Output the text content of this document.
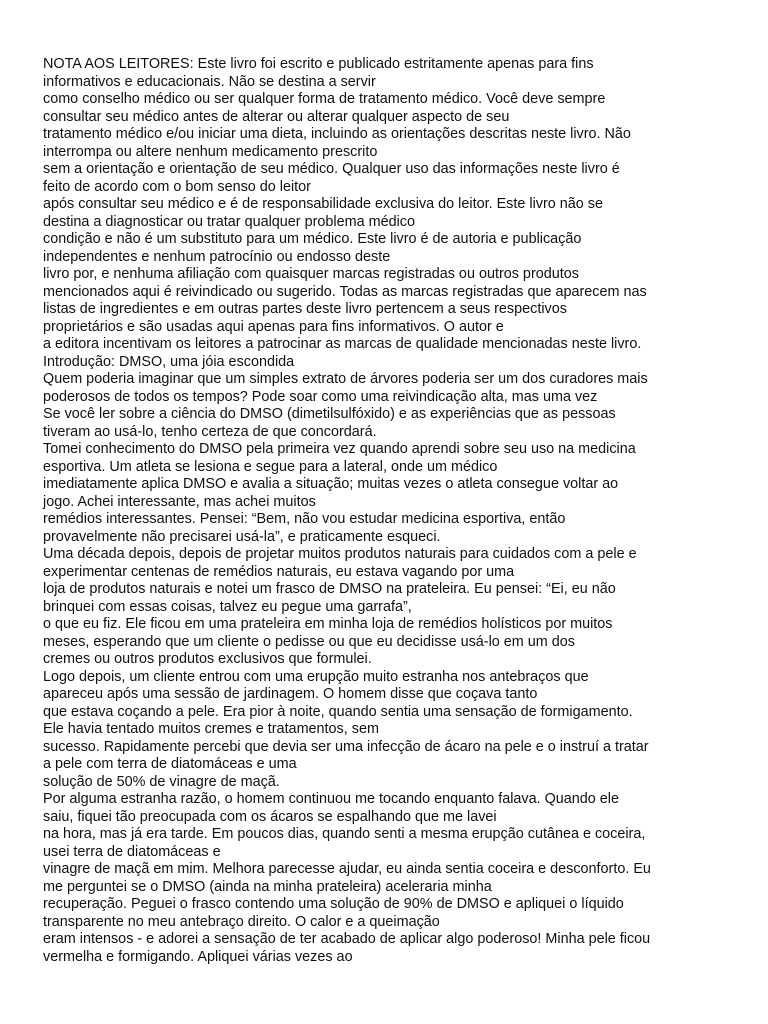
NOTA AOS LEITORES: Este livro foi escrito e publicado estritamente apenas para fins
informativos e educacionais. Não se destina a servir
como conselho médico ou ser qualquer forma de tratamento médico. Você deve sempre
consultar seu médico antes de alterar ou alterar qualquer aspecto de seu
tratamento médico e/ou iniciar uma dieta, incluindo as orientações descritas neste livro. Não
interrompa ou altere nenhum medicamento prescrito
sem a orientação e orientação de seu médico. Qualquer uso das informações neste livro é
feito de acordo com o bom senso do leitor
após consultar seu médico e é de responsabilidade exclusiva do leitor. Este livro não se
destina a diagnosticar ou tratar qualquer problema médico
condição e não é um substituto para um médico. Este livro é de autoria e publicação
independentes e nenhum patrocínio ou endosso deste
livro por, e nenhuma afiliação com quaisquer marcas registradas ou outros produtos
mencionados aqui é reivindicado ou sugerido. Todas as marcas registradas que aparecem nas
listas de ingredientes e em outras partes deste livro pertencem a seus respectivos
proprietários e são usadas aqui apenas para fins informativos. O autor e
a editora incentivam os leitores a patrocinar as marcas de qualidade mencionadas neste livro.
Introdução: DMSO, uma jóia escondida
Quem poderia imaginar que um simples extrato de árvores poderia ser um dos curadores mais
poderosos de todos os tempos? Pode soar como uma reivindicação alta, mas uma vez
Se você ler sobre a ciência do DMSO (dimetilsulfóxido) e as experiências que as pessoas
tiveram ao usá-lo, tenho certeza de que concordará.
Tomei conhecimento do DMSO pela primeira vez quando aprendi sobre seu uso na medicina
esportiva. Um atleta se lesiona e segue para a lateral, onde um médico
imediatamente aplica DMSO e avalia a situação; muitas vezes o atleta consegue voltar ao
jogo. Achei interessante, mas achei muitos
remédios interessantes. Pensei: “Bem, não vou estudar medicina esportiva, então
provavelmente não precisarei usá-la”, e praticamente esqueci.
Uma década depois, depois de projetar muitos produtos naturais para cuidados com a pele e
experimentar centenas de remédios naturais, eu estava vagando por uma
loja de produtos naturais e notei um frasco de DMSO na prateleira. Eu pensei: “Ei, eu não
brinquei com essas coisas, talvez eu pegue uma garrafa”,
o que eu fiz. Ele ficou em uma prateleira em minha loja de remédios holísticos por muitos
meses, esperando que um cliente o pedisse ou que eu decidisse usá-lo em um dos
cremes ou outros produtos exclusivos que formulei.
Logo depois, um cliente entrou com uma erupção muito estranha nos antebraços que
apareceu após uma sessão de jardinagem. O homem disse que coçava tanto
que estava coçando a pele. Era pior à noite, quando sentia uma sensação de formigamento.
Ele havia tentado muitos cremes e tratamentos, sem
sucesso. Rapidamente percebi que devia ser uma infecção de ácaro na pele e o instruí a tratar
a pele com terra de diatomáceas e uma
solução de 50% de vinagre de maçã.
Por alguma estranha razão, o homem continuou me tocando enquanto falava. Quando ele
saiu, fiquei tão preocupada com os ácaros se espalhando que me lavei
na hora, mas já era tarde. Em poucos dias, quando senti a mesma erupção cutânea e coceira,
usei terra de diatomáceas e
vinagre de maçã em mim. Melhora parecesse ajudar, eu ainda sentia coceira e desconforto. Eu
me perguntei se o DMSO (ainda na minha prateleira) aceleraria minha
recuperação. Peguei o frasco contendo uma solução de 90% de DMSO e apliquei o líquido
transparente no meu antebraço direito. O calor e a queimação
eram intensos - e adorei a sensação de ter acabado de aplicar algo poderoso! Minha pele ficou
vermelha e formigando. Apliquei várias vezes ao
